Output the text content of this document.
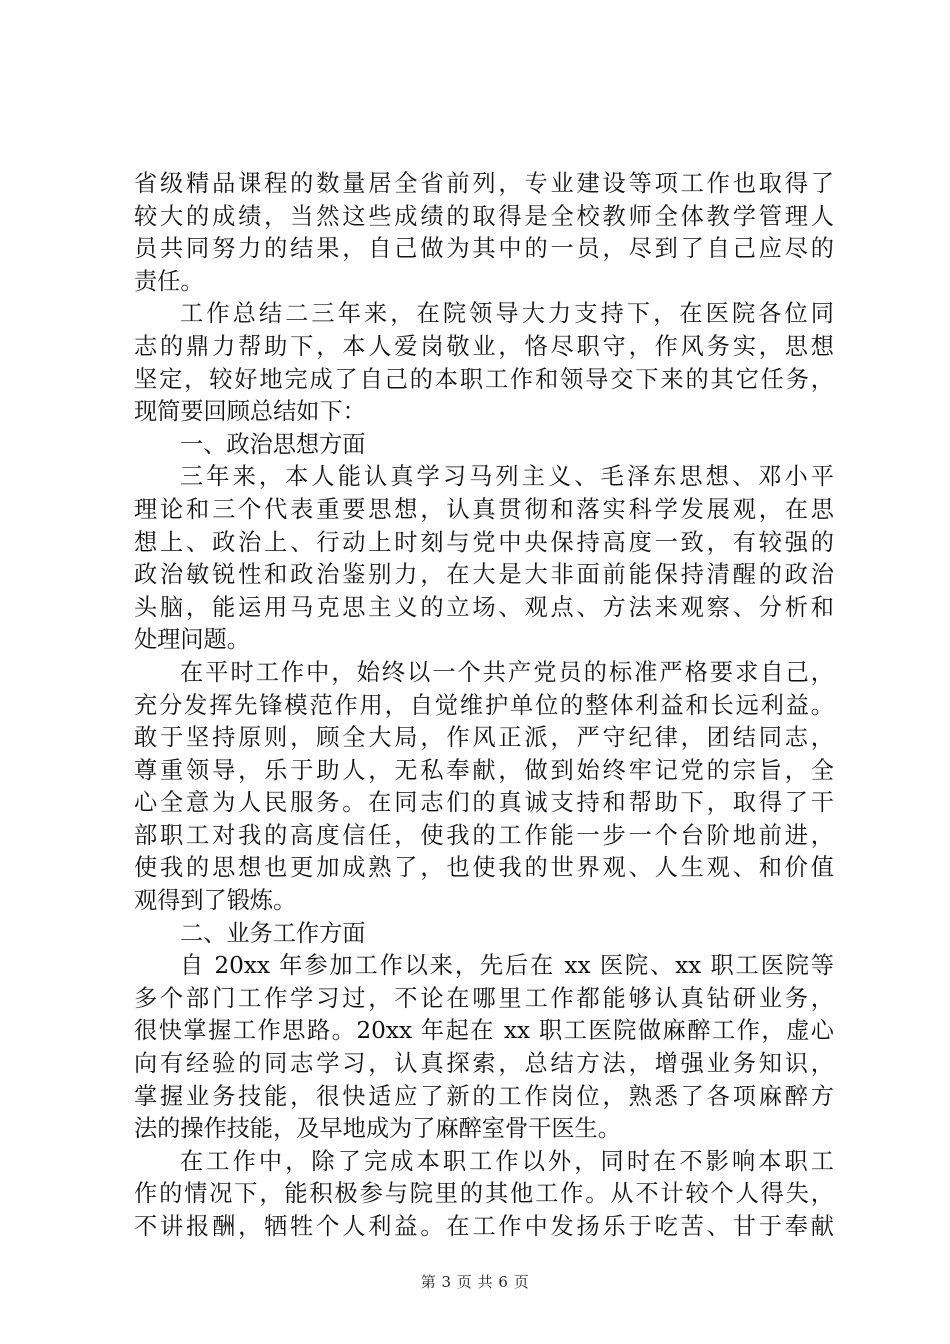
省级精品课程的数量居全省前列，专业建设等项工作也取得了
较大的成绩，当然这些成绩的取得是全校教师全体教学管理人
员共同努力的结果，自己做为其中的一员，尽到了自己应尽的
责任。
工作总结二三年来，在院领导大力支持下，在医院各位同
志的鼎力帮助下，本人爱岗敬业，恪尽职守，作风务实，思想
坚定，较好地完成了自己的本职工作和领导交下来的其它任务，
现简要回顾总结如下：
一、政治思想方面
三年来，本人能认真学习马列主义、毛泽东思想、邓小平
理论和三个代表重要思想，认真贯彻和落实科学发展观，在思
想上、政治上、行动上时刻与党中央保持高度一致，有较强的
政治敏锐性和政治鉴别力，在大是大非面前能保持清醒的政治
头脑，能运用马克思主义的立场、观点、方法来观察、分析和
处理问题。
在平时工作中，始终以一个共产党员的标准严格要求自己，
充分发挥先锋模范作用，自觉维护单位的整体利益和长远利益。
敢于坚持原则，顾全大局，作风正派，严守纪律，团结同志，
尊重领导，乐于助人，无私奉献，做到始终牢记党的宗旨，全
心全意为人民服务。在同志们的真诚支持和帮助下，取得了干
部职工对我的高度信任，使我的工作能一步一个台阶地前进，
使我的思想也更加成熟了，也使我的世界观、人生观、和价值
观得到了锻炼。
二、业务工作方面
自 20xx 年参加工作以来，先后在 xx 医院、xx 职工医院等
多个部门工作学习过，不论在哪里工作都能够认真钻研业务，
很快掌握工作思路。20xx 年起在 xx 职工医院做麻醉工作，虚心
向有经验的同志学习，认真探索，总结方法，增强业务知识，
掌握业务技能，很快适应了新的工作岗位，熟悉了各项麻醉方
法的操作技能，及早地成为了麻醉室骨干医生。
在工作中，除了完成本职工作以外，同时在不影响本职工
作的情况下，能积极参与院里的其他工作。从不计较个人得失，
不讲报酬，牺牲个人利益。在工作中发扬乐于吃苦、甘于奉献
第 3 页 共 6 页
